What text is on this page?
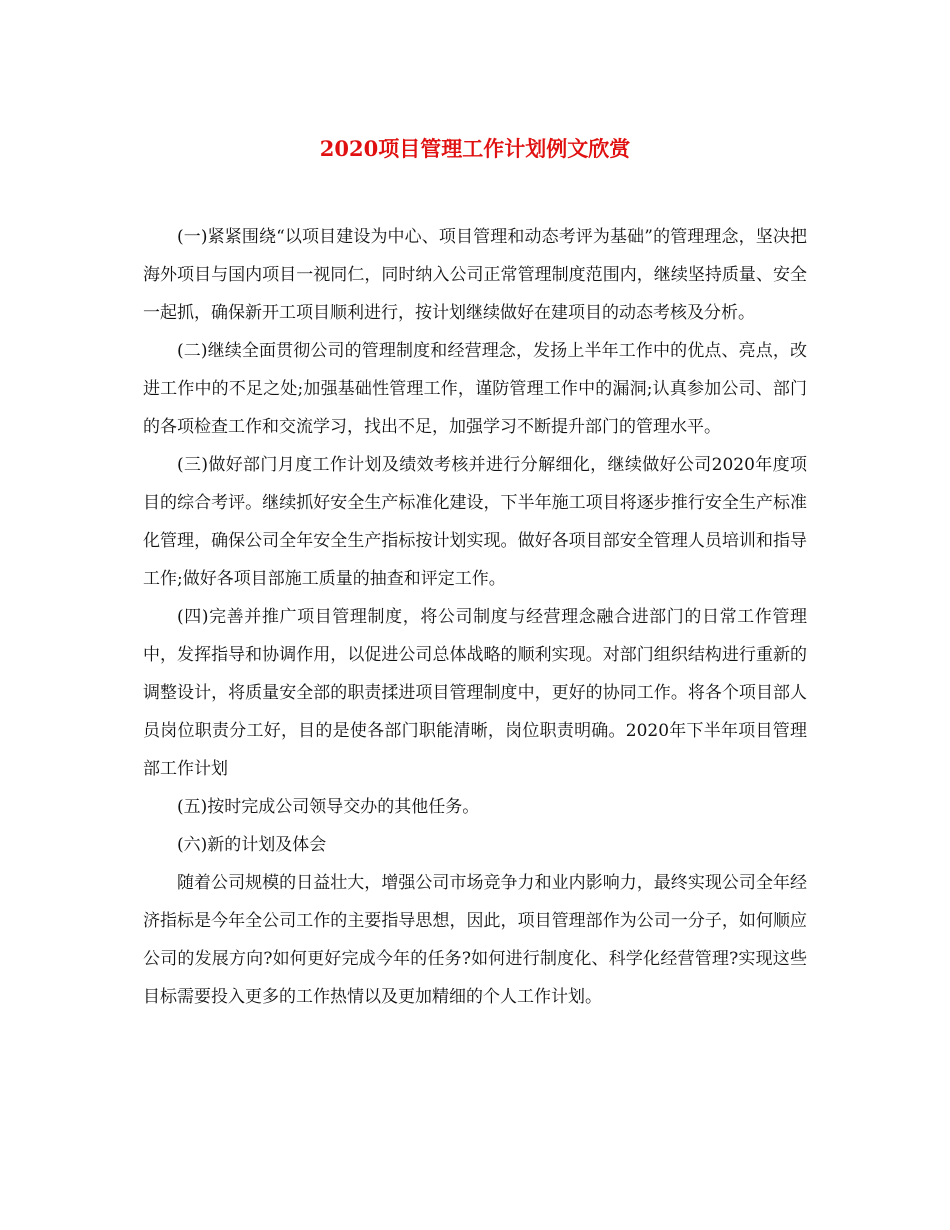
2020项目管理工作计划例文欣赏

(一)紧紧围绕“以项目建设为中心、项目管理和动态考评为基础”的管理理念，坚决把海外项目与国内项目一视同仁，同时纳入公司正常管理制度范围内，继续坚持质量、安全一起抓，确保新开工项目顺利进行，按计划继续做好在建项目的动态考核及分析。

(二)继续全面贯彻公司的管理制度和经营理念，发扬上半年工作中的优点、亮点，改进工作中的不足之处;加强基础性管理工作，谨防管理工作中的漏洞;认真参加公司、部门的各项检查工作和交流学习，找出不足，加强学习不断提升部门的管理水平。

(三)做好部门月度工作计划及绩效考核并进行分解细化，继续做好公司2020年度项目的综合考评。继续抓好安全生产标准化建设，下半年施工项目将逐步推行安全生产标准化管理，确保公司全年安全生产指标按计划实现。做好各项目部安全管理人员培训和指导工作;做好各项目部施工质量的抽查和评定工作。

(四)完善并推广项目管理制度，将公司制度与经营理念融合进部门的日常工作管理中，发挥指导和协调作用，以促进公司总体战略的顺利实现。对部门组织结构进行重新的调整设计，将质量安全部的职责揉进项目管理制度中，更好的协同工作。将各个项目部人员岗位职责分工好，目的是使各部门职能清晰，岗位职责明确。2020年下半年项目管理部工作计划

(五)按时完成公司领导交办的其他任务。

(六)新的计划及体会

随着公司规模的日益壮大，增强公司市场竞争力和业内影响力，最终实现公司全年经济指标是今年全公司工作的主要指导思想，因此，项目管理部作为公司一分子，如何顺应公司的发展方向?如何更好完成今年的任务?如何进行制度化、科学化经营管理?实现这些目标需要投入更多的工作热情以及更加精细的个人工作计划。
